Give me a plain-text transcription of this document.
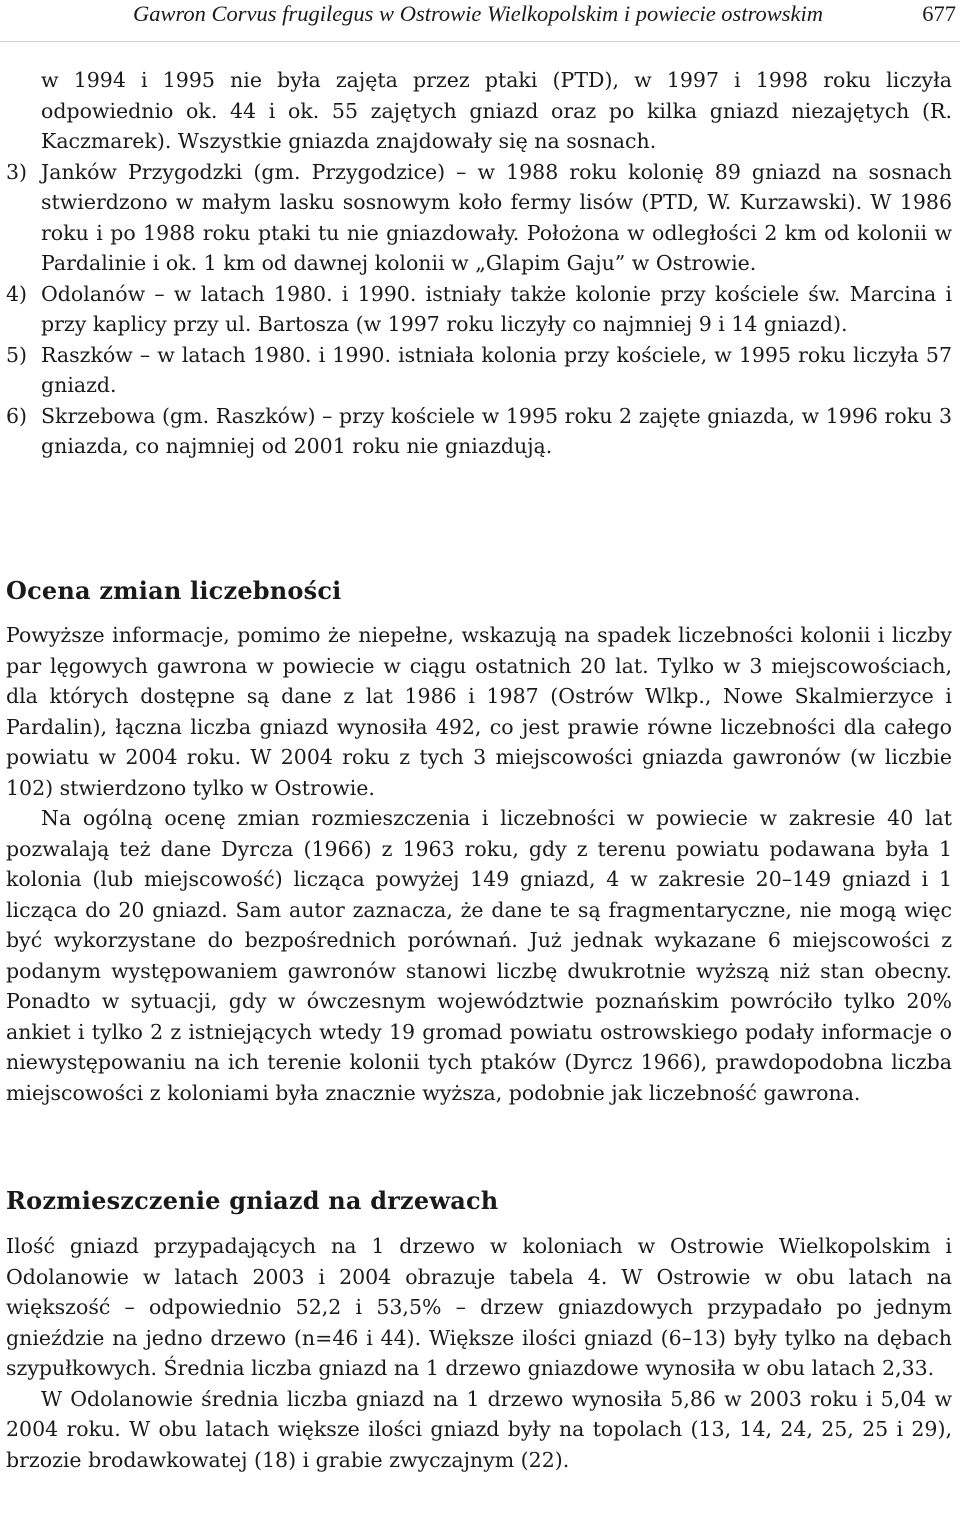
Gawron Corvus frugilegus w Ostrowie Wielkopolskim i powiecie ostrowskim	677
w 1994 i 1995 nie była zajęta przez ptaki (PTD), w 1997 i 1998 roku liczyła odpowiednio ok. 44 i ok. 55 zajętych gniazd oraz po kilka gniazd niezajętych (R. Kaczmarek). Wszystkie gniazda znajdowały się na sosnach.
3) Janków Przygodzki (gm. Przygodzice) – w 1988 roku kolonię 89 gniazd na sosnach stwierdzono w małym lasku sosnowym koło fermy lisów (PTD, W. Kurzawski). W 1986 roku i po 1988 roku ptaki tu nie gniazdowały. Położona w odległości 2 km od kolonii w Pardalinie i ok. 1 km od dawnej kolonii w „Glapim Gaju” w Ostrowie.
4) Odolanów – w latach 1980. i 1990. istniały także kolonie przy kościele św. Marcina i przy kaplicy przy ul. Bartosza (w 1997 roku liczyły co najmniej 9 i 14 gniazd).
5) Raszków – w latach 1980. i 1990. istniała kolonia przy kościele, w 1995 roku liczyła 57 gniazd.
6) Skrzebowa (gm. Raszków) – przy kościele w 1995 roku 2 zajęte gniazda, w 1996 roku 3 gniazda, co najmniej od 2001 roku nie gniazdują.
Ocena zmian liczebności

Powyższe informacje, pomimo że niepełne, wskazują na spadek liczebności kolonii i liczby par lęgowych gawrona w powiecie w ciągu ostatnich 20 lat. Tylko w 3 miejscowościach, dla których dostępne są dane z lat 1986 i 1987 (Ostrów Wlkp., Nowe Skalmierzyce i Pardalin), łączna liczba gniazd wynosiła 492, co jest prawie równe liczebności dla całego powiatu w 2004 roku. W 2004 roku z tych 3 miejscowości gniazda gawronów (w liczbie 102) stwierdzono tylko w Ostrowie.

Na ogólną ocenę zmian rozmieszczenia i liczebności w powiecie w zakresie 40 lat pozwalają też dane Dyrcza (1966) z 1963 roku, gdy z terenu powiatu podawana była 1 kolonia (lub miejscowość) licząca powyżej 149 gniazd, 4 w zakresie 20–149 gniazd i 1 licząca do 20 gniazd. Sam autor zaznacza, że dane te są fragmentaryczne, nie mogą więc być wykorzystane do bezpośrednich porównań. Już jednak wykazane 6 miejscowości z podanym występowaniem gawronów stanowi liczbę dwukrotnie wyższą niż stan obecny. Ponadto w sytuacji, gdy w ówczesnym województwie poznańskim powróciło tylko 20% ankiet i tylko 2 z istniejących wtedy 19 gromad powiatu ostrowskiego podały informacje o niewystępowaniu na ich terenie kolonii tych ptaków (Dyrcz 1966), prawdopodobna liczba miejscowości z koloniami była znacznie wyższa, podobnie jak liczebność gawrona.

Rozmieszczenie gniazd na drzewach

Ilość gniazd przypadających na 1 drzewo w koloniach w Ostrowie Wielkopolskim i Odolanowie w latach 2003 i 2004 obrazuje tabela 4. W Ostrowie w obu latach na większość – odpowiednio 52,2 i 53,5% – drzew gniazdowych przypadało po jednym gnieździe na jedno drzewo (n=46 i 44). Większe ilości gniazd (6–13) były tylko na dębach szypułkowych. Średnia liczba gniazd na 1 drzewo gniazdowe wynosiła w obu latach 2,33.

W Odolanowie średnia liczba gniazd na 1 drzewo wynosiła 5,86 w 2003 roku i 5,04 w 2004 roku. W obu latach większe ilości gniazd były na topolach (13, 14, 24, 25, 25 i 29), brzozie brodawkowatej (18) i grabie zwyczajnym (22).
